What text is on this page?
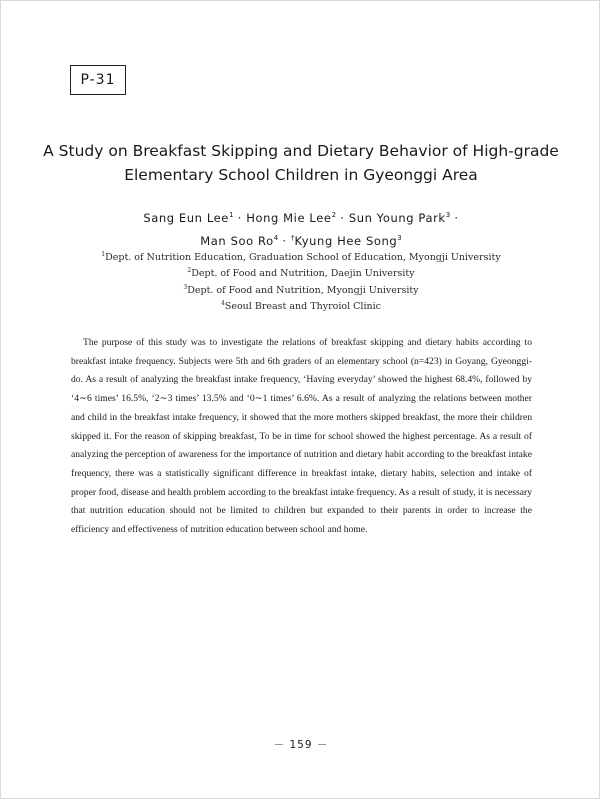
P-31
A Study on Breakfast Skipping and Dietary Behavior of High-grade
Elementary School Children in Gyeonggi Area
Sang Eun Lee$^1$ · Hong Mie Lee$^2$ · Sun Young Park$^3$ ·
Man Soo $Ro^4$ · †Kyung Hee Song$^3$
$^1$Dept. of Nutrition Education, Graduation School of Education, Myongji University
$^2$Dept. of Food and Nutrition, Daejin University
$^3$Dept. of Food and Nutrition, Myongji University
$^4$Seoul Breast and Thyroiol Clinic

The purpose of this study was to investigate the relations of breakfast skipping and dietary habits according to breakfast intake frequency. Subjects were 5th and 6th graders of an elementary school (n=423) in Goyang, Gyeonggi-do. As a result of analyzing the breakfast intake frequency, ‘Having everyday’ showed the highest 68.4%, followed by ‘4∼6 times’ 16.5%, ‘2∼3 times’ 13.5% and ‘0∼1 times’ 6.6%. As a result of analyzing the relations between mother and child in the breakfast intake frequency, it showed that the more mothers skipped breakfast, the more their children skipped it. For the reason of skipping breakfast, To be in time for school showed the highest percentage. As a result of analyzing the perception of awareness for the importance of nutrition and dietary habit according to the breakfast intake frequency, there was a statistically significant difference in breakfast intake, dietary habits, selection and intake of proper food, disease and health problem according to the breakfast intake frequency. As a result of study, it is necessary that nutrition education should not be limited to children but expanded to their parents in order to increase the efficiency and effectiveness of nutrition education between school and home.

－ 159 －
